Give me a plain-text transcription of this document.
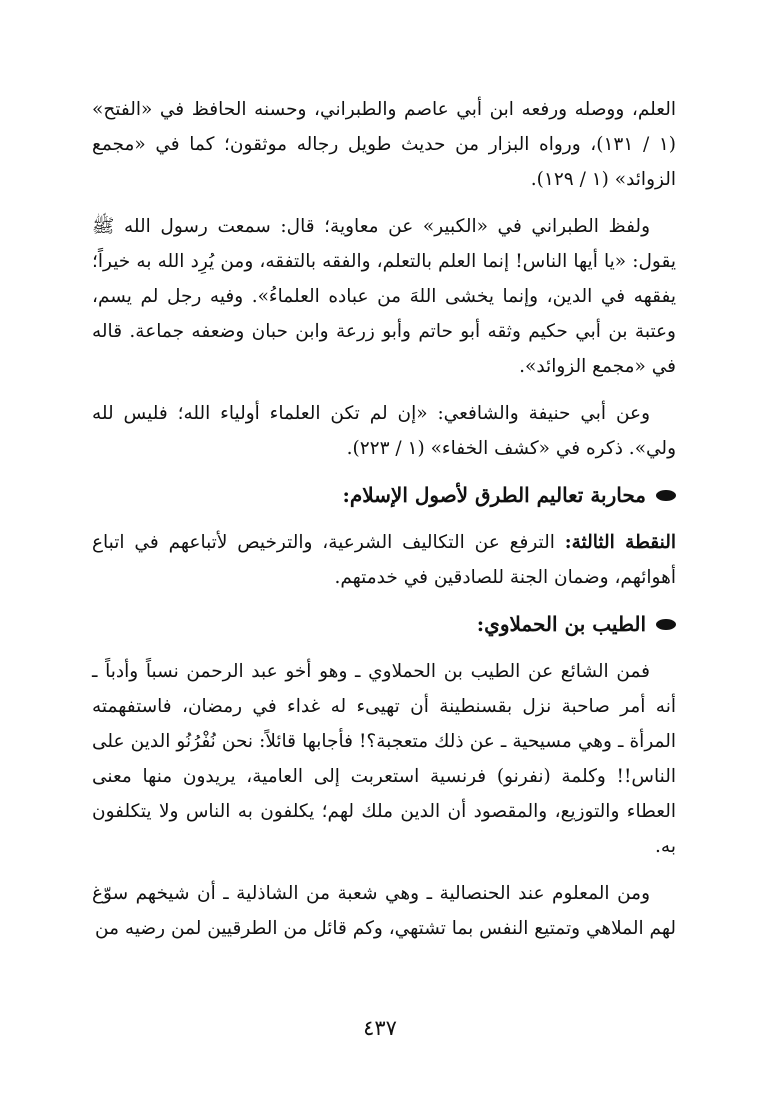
العلم، ووصله ورفعه ابن أبي عاصم والطبراني، وحسنه الحافظ في «الفتح» (١ / ١٣١)، ورواه البزار من حديث طويل رجاله موثقون؛ كما في «مجمع الزوائد» (١ / ١٢٩).

ولفظ الطبراني في «الكبير» عن معاوية؛ قال: سمعت رسول الله ﷺ يقول: «يا أيها الناس! إنما العلم بالتعلم، والفقه بالتفقه، ومن يُرِد الله به خيراً؛ يفقهه في الدين، وإنما يخشى اللهَ من عباده العلماءُ». وفيه رجل لم يسم، وعتبة بن أبي حكيم وثقه أبو حاتم وأبو زرعة وابن حبان وضعفه جماعة. قاله في «مجمع الزوائد».

وعن أبي حنيفة والشافعي: «إن لم تكن العلماء أولياء الله؛ فليس لله ولي». ذكره في «كشف الخفاء» (١ / ٢٢٣).

محاربة تعاليم الطرق لأصول الإسلام:

النقطة الثالثة: الترفع عن التكاليف الشرعية، والترخيص لأتباعهم في اتباع أهوائهم، وضمان الجنة للصادقين في خدمتهم.

الطيب بن الحملاوي:

فمن الشائع عن الطيب بن الحملاوي ـ وهو أخو عبد الرحمن نسباً وأدباً ـ أنه أمر صاحبة نزل بقسنطينة أن تهيىء له غداء في رمضان، فاستفهمته المرأة ـ وهي مسيحية ـ عن ذلك متعجبة؟! فأجابها قائلاً: نحن نُفْرُنُو الدين على الناس!! وكلمة (نفرنو) فرنسية استعربت إلى العامية، يريدون منها معنى العطاء والتوزيع، والمقصود أن الدين ملك لهم؛ يكلفون به الناس ولا يتكلفون به.

ومن المعلوم عند الحنصالية ـ وهي شعبة من الشاذلية ـ أن شيخهم سوّغ لهم الملاهي وتمتيع النفس بما تشتهي، وكم قائل من الطرقيين لمن رضيه من

٤٣٧
